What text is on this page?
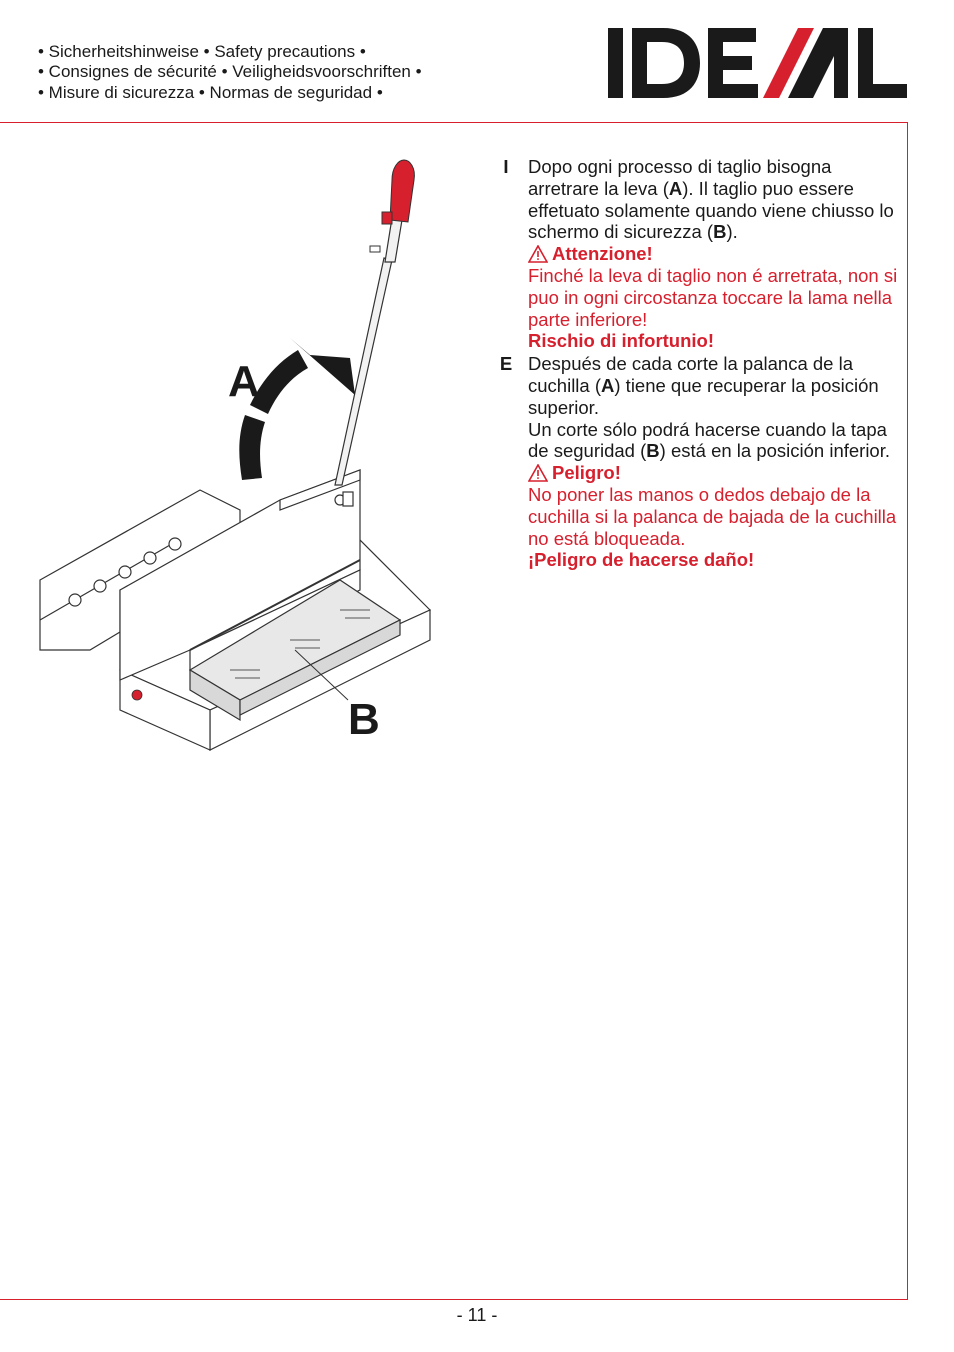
• Sicherheitshinweise • Safety precautions •
• Consignes de sécurité • Veiligheidsvoorschriften •
• Misure di sicurezza • Normas de seguridad •
A
B
I	Dopo ogni processo di taglio bisogna arretrare la leva (A). Il taglio puo essere effetuato solamente quando viene chiusso lo schermo di sicurezza (B).
Attenzione!
Finché la leva di taglio non é arretrata, non si puo in ogni circostanza toccare la lama nella parte inferiore!
Rischio di infortunio!
E Después de cada corte la palanca de la cuchilla (A) tiene que recuperar la posición superior.
Un corte sólo podrá hacerse cuando la tapa de seguridad (B) está en la posición inferior.
Peligro!
No poner las manos o dedos debajo de la cuchilla si la palanca de bajada de la cuchilla no está bloqueada.
¡Peligro de hacerse daño!
- 11 -
